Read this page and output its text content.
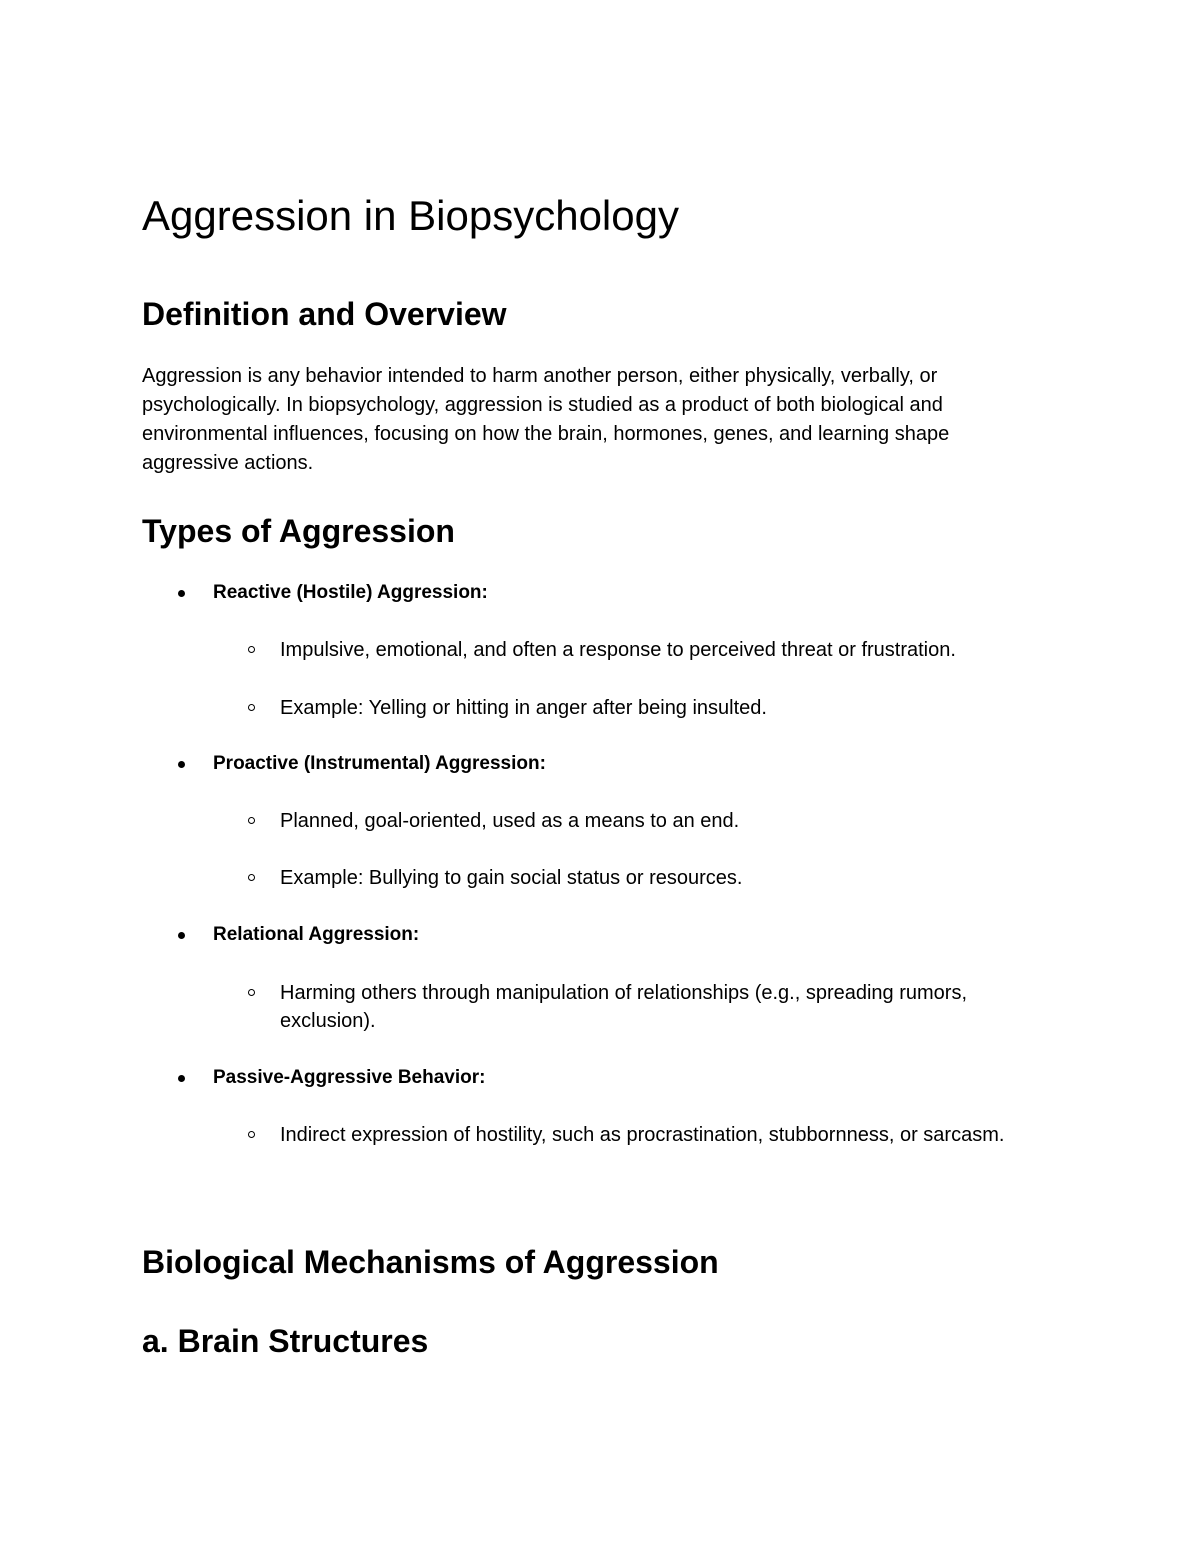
Aggression in Biopsychology
Definition and Overview

Aggression is any behavior intended to harm another person, either physically, verbally, or psychologically. In biopsychology, aggression is studied as a product of both biological and environmental influences, focusing on how the brain, hormones, genes, and learning shape aggressive actions.

Types of Aggression
Reactive (Hostile) Aggression:
Impulsive, emotional, and often a response to perceived threat or frustration.
Example: Yelling or hitting in anger after being insulted.
Proactive (Instrumental) Aggression:
Planned, goal-oriented, used as a means to an end.
Example: Bullying to gain social status or resources.
Relational Aggression:
Harming others through manipulation of relationships (e.g., spreading rumors, exclusion).
Passive-Aggressive Behavior:
Indirect expression of hostility, such as procrastination, stubbornness, or sarcasm.
Biological Mechanisms of Aggression
a. Brain Structures
